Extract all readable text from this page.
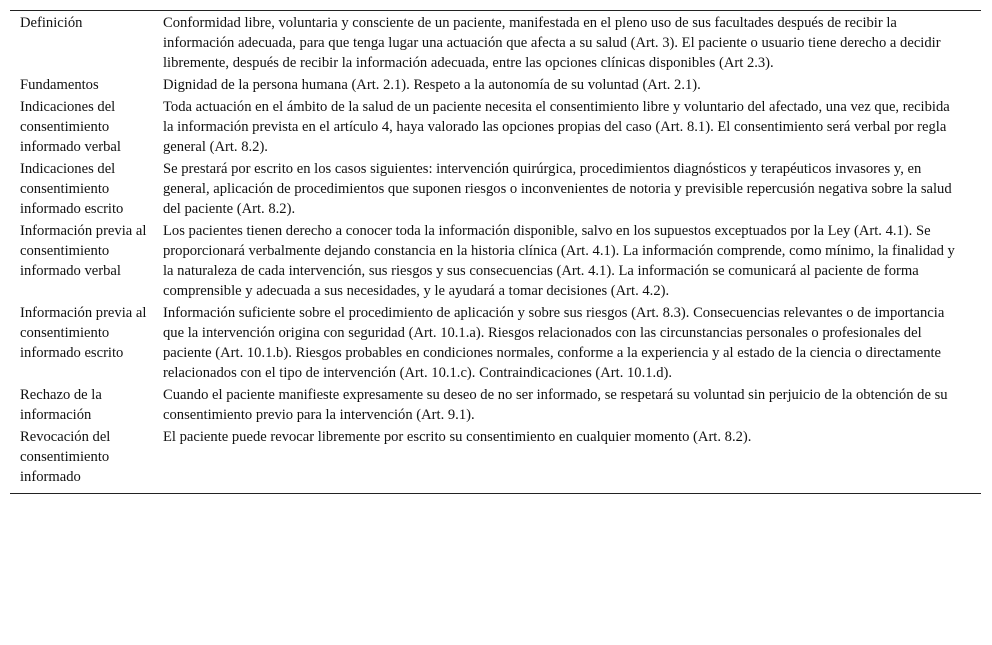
Definición	Conformidad libre, voluntaria y consciente de un paciente, manifestada en el pleno uso de sus facultades después de recibir la información adecuada, para que tenga lugar una actuación que afecta a su salud (Art. 3). El paciente o usuario tiene derecho a decidir libremente, después de recibir la información adecuada, entre las opciones clínicas disponibles (Art 2.3).
Fundamentos	Dignidad de la persona humana (Art. 2.1). Respeto a la autonomía de su voluntad (Art. 2.1).
Indicaciones del consentimiento informado verbal	Toda actuación en el ámbito de la salud de un paciente necesita el consentimiento libre y voluntario del afectado, una vez que, recibida la información prevista en el artículo 4, haya valorado las opciones propias del caso (Art. 8.1). El consentimiento será verbal por regla general (Art. 8.2).
Indicaciones del consentimiento informado escrito	Se prestará por escrito en los casos siguientes: intervención quirúrgica, procedimientos diagnósticos y terapéuticos invasores y, en general, aplicación de procedimientos que suponen riesgos o inconvenientes de notoria y previsible repercusión negativa sobre la salud del paciente (Art. 8.2).
Información previa al consentimiento informado verbal	Los pacientes tienen derecho a conocer toda la información disponible, salvo en los supuestos exceptuados por la Ley (Art. 4.1). Se proporcionará verbalmente dejando constancia en la historia clínica (Art. 4.1). La información comprende, como mínimo, la finalidad y la naturaleza de cada intervención, sus riesgos y sus consecuencias (Art. 4.1). La información se comunicará al paciente de forma comprensible y adecuada a sus necesidades, y le ayudará a tomar decisiones (Art. 4.2).
Información previa al consentimiento informado escrito	Información suficiente sobre el procedimiento de aplicación y sobre sus riesgos (Art. 8.3). Consecuencias relevantes o de importancia que la intervención origina con seguridad (Art. 10.1.a). Riesgos relacionados con las circunstancias personales o profesionales del paciente (Art. 10.1.b). Riesgos probables en condiciones normales, conforme a la experiencia y al estado de la ciencia o directamente relacionados con el tipo de intervención (Art. 10.1.c). Contraindicaciones (Art. 10.1.d).
Rechazo de la información	Cuando el paciente manifieste expresamente su deseo de no ser informado, se respetará su voluntad sin perjuicio de la obtención de su consentimiento previo para la intervención (Art. 9.1).
Revocación del consentimiento informado	El paciente puede revocar libremente por escrito su consentimiento en cualquier momento (Art. 8.2).
